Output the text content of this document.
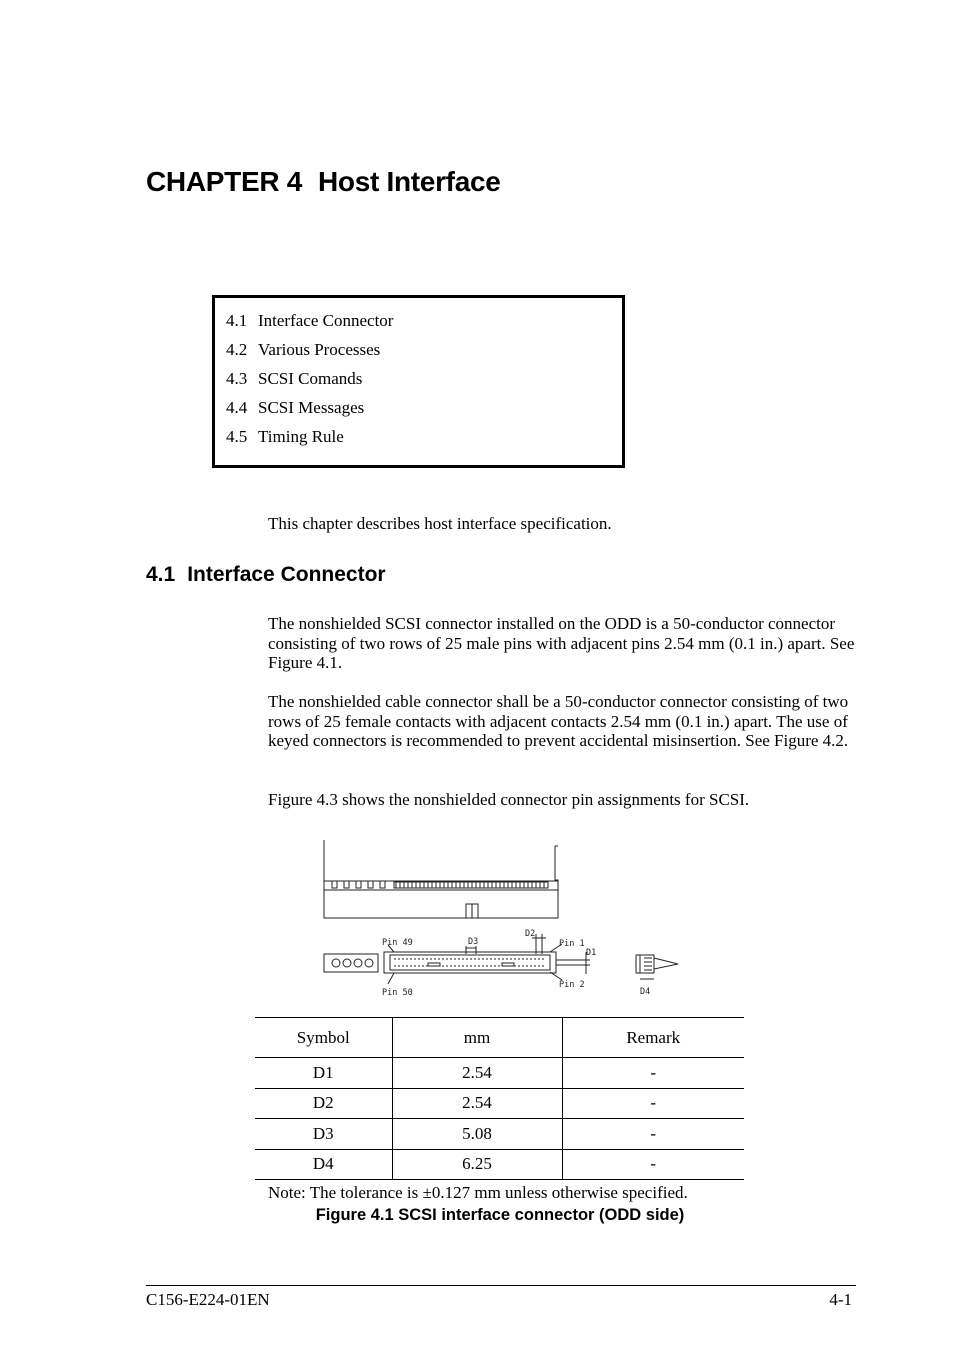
CHAPTER 4 Host Interface
4.1 Interface Connector
4.2 Various Processes
4.3 SCSI Comands
4.4 SCSI Messages
4.5 Timing Rule

This chapter describes host interface specification.

4.1 Interface Connector

The nonshielded SCSI connector installed on the ODD is a 50-conductor connector consisting of two rows of 25 male pins with adjacent pins 2.54 mm (0.1 in.) apart. See Figure 4.1.

The nonshielded cable connector shall be a 50-conductor connector consisting of two rows of 25 female contacts with adjacent contacts 2.54 mm (0.1 in.) apart. The use of keyed connectors is recommended to prevent accidental misinsertion. See Figure 4.2.

Figure 4.3 shows the nonshielded connector pin assignments for SCSI.

Pin 49
Pin 50
Pin 1
Pin 2
D1
D2
D3
D4
Symbol	mm	Remark
D1	2.54	-
D2	2.54	-
D3	5.08	-
D4	6.25	-

Note: The tolerance is ±0.127 mm unless otherwise specified.

Figure 4.1 SCSI interface connector (ODD side)

C156-E224-01EN	4-1
